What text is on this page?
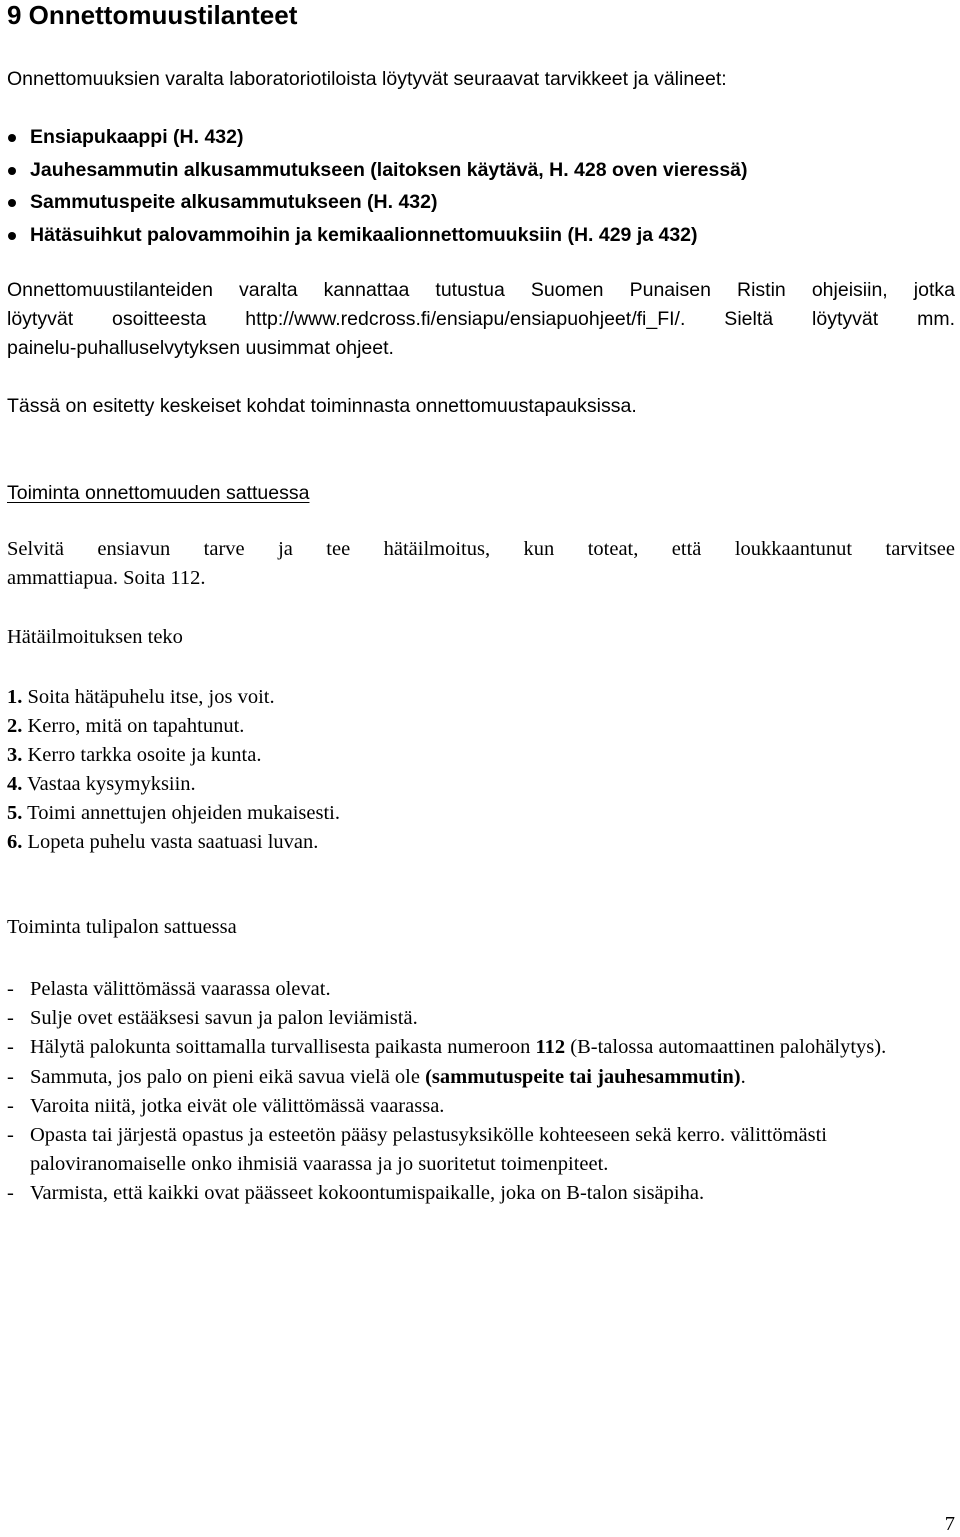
9 Onnettomuustilanteet

Onnettomuuksien varalta laboratoriotiloista löytyvät seuraavat tarvikkeet ja välineet:

Ensiapukaappi (H. 432)
Jauhesammutin alkusammutukseen (laitoksen käytävä, H. 428 oven vieressä)
Sammutuspeite alkusammutukseen (H. 432)
Hätäsuihkut palovammoihin ja kemikaalionnettomuuksiin (H. 429 ja 432)

Onnettomuustilanteiden varalta kannattaa tutustua Suomen Punaisen Ristin ohjeisiin, jotka

löytyvät osoitteesta http://www.redcross.fi/ensiapu/ensiapuohjeet/fi_FI/. Sieltä löytyvät mm.

painelu-puhalluselvytyksen uusimmat ohjeet.

Tässä on esitetty keskeiset kohdat toiminnasta onnettomuustapauksissa.

Toiminta onnettomuuden sattuessa

Selvitä ensiavun tarve ja tee hätäilmoitus, kun toteat, että loukkaantunut tarvitsee

ammattiapua. Soita 112.

Hätäilmoituksen teko
1. Soita hätäpuhelu itse, jos voit.
2. Kerro, mitä on tapahtunut.
3. Kerro tarkka osoite ja kunta.
4. Vastaa kysymyksiin.
5. Toimi annettujen ohjeiden mukaisesti.
6. Lopeta puhelu vasta saatuasi luvan.
Toiminta tulipalon sattuessa
- Pelasta välittömässä vaarassa olevat.
- Sulje ovet estääksesi savun ja palon leviämistä.
- Hälytä palokunta soittamalla turvallisesta paikasta numeroon 112 (B-talossa automaattinen palohälytys).
- Sammuta, jos palo on pieni eikä savua vielä ole (sammutuspeite tai jauhesammutin).
- Varoita niitä, jotka eivät ole välittömässä vaarassa.
- Opasta tai järjestä opastus ja esteetön pääsy pelastusyksikölle kohteeseen sekä kerro. välittömästi paloviranomaiselle onko ihmisiä vaarassa ja jo suoritetut toimenpiteet.
- Varmista, että kaikki ovat päässeet kokoontumispaikalle, joka on B-talon sisäpiha.
7
